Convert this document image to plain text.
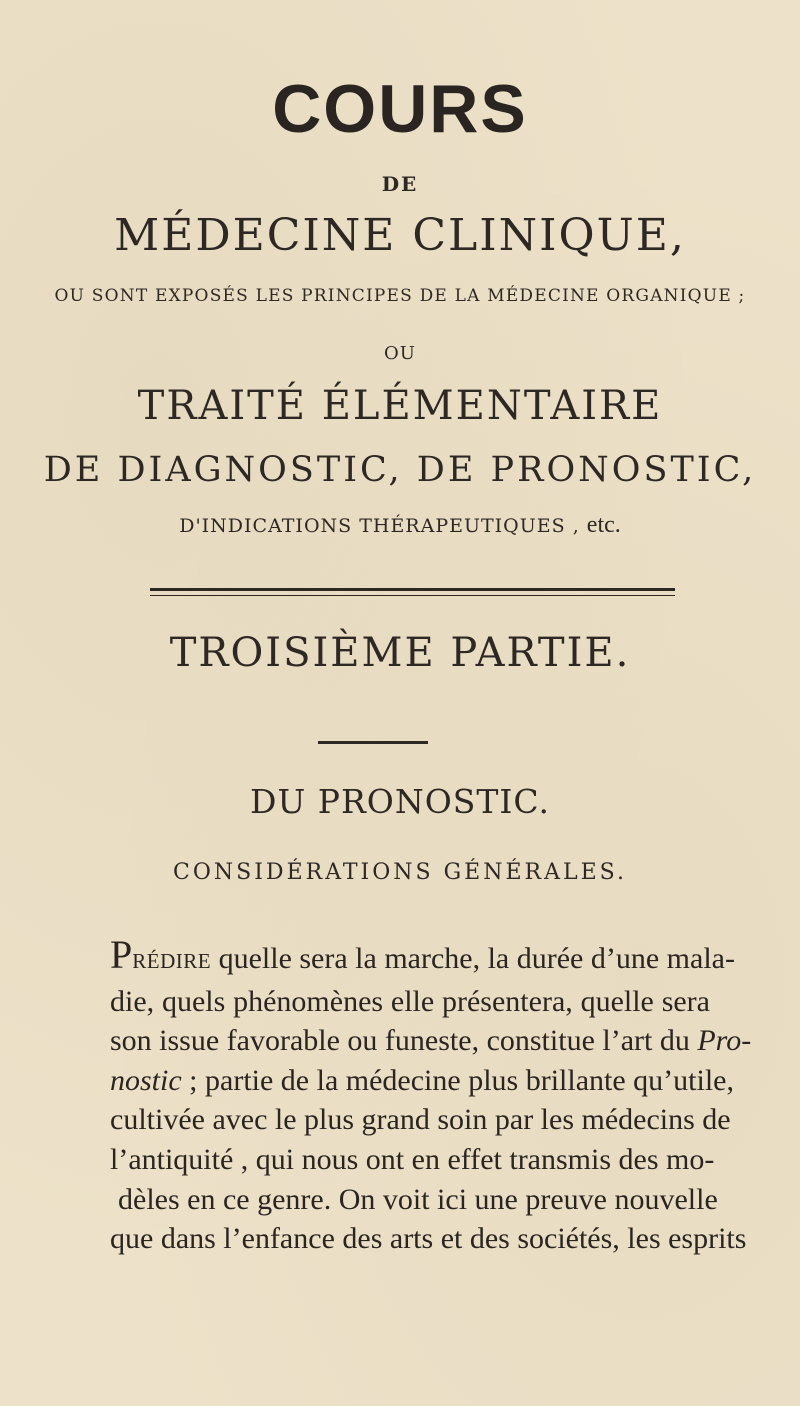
COURS
DE
MÉDECINE CLINIQUE,
OU SONT EXPOSÉS LES PRINCIPES DE LA MÉDECINE ORGANIQUE ;
OU
TRAITÉ ÉLÉMENTAIRE
DE DIAGNOSTIC, DE PRONOSTIC,
D'INDICATIONS THÉRAPEUTIQUES , etc.
TROISIÈME PARTIE.
DU PRONOSTIC.
CONSIDÉRATIONS GÉNÉRALES.
PRÉDIRE quelle sera la marche, la durée d’une mala-
die, quels phénomènes elle présentera, quelle sera
son issue favorable ou funeste, constitue l’art du Pro-
nostic ; partie de la médecine plus brillante qu’utile,
cultivée avec le plus grand soin par les médecins de
l’antiquité , qui nous ont en effet transmis des mo-
dèles en ce genre. On voit ici une preuve nouvelle
que dans l’enfance des arts et des sociétés, les esprits
